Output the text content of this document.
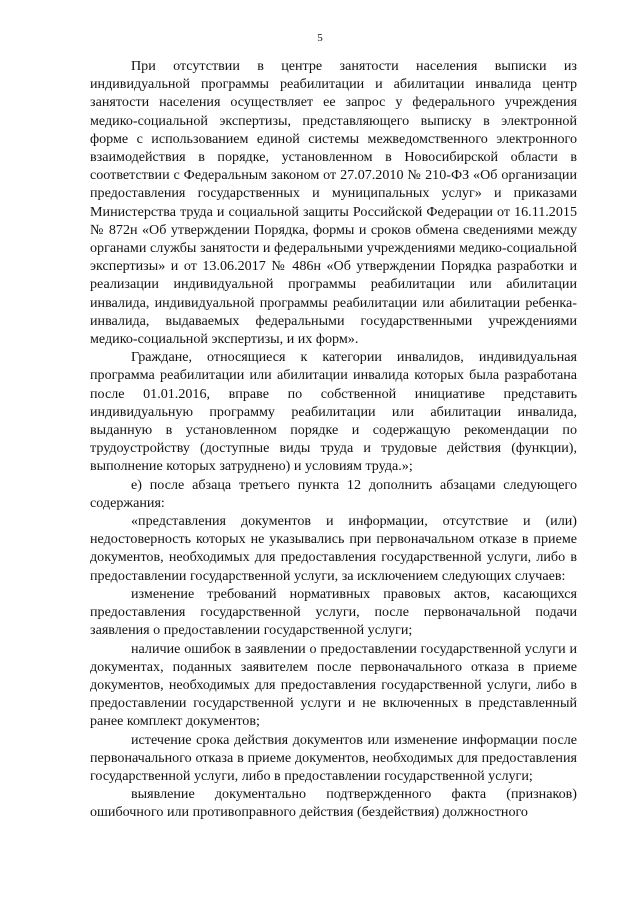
5

При отсутствии в центре занятости населения выписки из индивидуальной программы реабилитации и абилитации инвалида центр занятости населения осуществляет ее запрос у федерального учреждения медико-социальной экспертизы, представляющего выписку в электронной форме с использованием единой системы межведомственного электронного взаимодействия в порядке, установленном в Новосибирской области в соответствии с Федеральным законом от 27.07.2010 № 210-ФЗ «Об организации предоставления государственных и муниципальных услуг» и приказами Министерства труда и социальной защиты Российской Федерации от 16.11.2015 № 872н «Об утверждении Порядка, формы и сроков обмена сведениями между органами службы занятости и федеральными учреждениями медико-социальной экспертизы» и от 13.06.2017 № 486н «Об утверждении Порядка разработки и реализации индивидуальной программы реабилитации или абилитации инвалида, индивидуальной программы реабилитации или абилитации ребенка-инвалида, выдаваемых федеральными государственными учреждениями медико-социальной экспертизы, и их форм».

Граждане, относящиеся к категории инвалидов, индивидуальная программа реабилитации или абилитации инвалида которых была разработана после 01.01.2016, вправе по собственной инициативе представить индивидуальную программу реабилитации или абилитации инвалида, выданную в установленном порядке и содержащую рекомендации по трудоустройству (доступные виды труда и трудовые действия (функции), выполнение которых затруднено) и условиям труда.»;

е) после абзаца третьего пункта 12 дополнить абзацами следующего содержания:

«представления документов и информации, отсутствие и (или) недостоверность которых не указывались при первоначальном отказе в приеме документов, необходимых для предоставления государственной услуги, либо в предоставлении государственной услуги, за исключением следующих случаев:

изменение требований нормативных правовых актов, касающихся предоставления государственной услуги, после первоначальной подачи заявления о предоставлении государственной услуги;

наличие ошибок в заявлении о предоставлении государственной услуги и документах, поданных заявителем после первоначального отказа в приеме документов, необходимых для предоставления государственной услуги, либо в предоставлении государственной услуги и не включенных в представленный ранее комплект документов;

истечение срока действия документов или изменение информации после первоначального отказа в приеме документов, необходимых для предоставления государственной услуги, либо в предоставлении государственной услуги;

выявление документально подтвержденного факта (признаков) ошибочного или противоправного действия (бездействия) должностного
